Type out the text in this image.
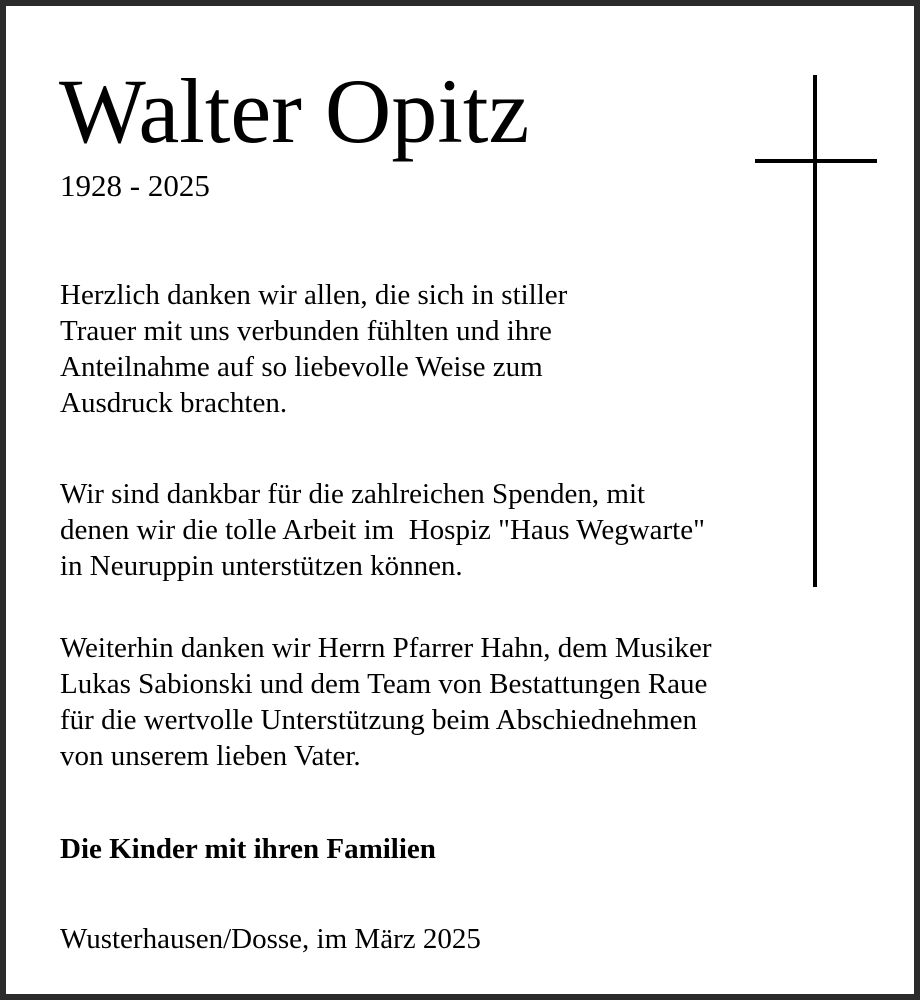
Walter Opitz
1928 - 2025
Herzlich danken wir allen, die sich in stiller
Trauer mit uns verbunden fühlten und ihre
Anteilnahme auf so liebevolle Weise zum
Ausdruck brachten.
Wir sind dankbar für die zahlreichen Spenden, mit
denen wir die tolle Arbeit im  Hospiz "Haus Wegwarte"
in Neuruppin unterstützen können.
Weiterhin danken wir Herrn Pfarrer Hahn, dem Musiker
Lukas Sabionski und dem Team von Bestattungen Raue
für die wertvolle Unterstützung beim Abschiednehmen
von unserem lieben Vater.
Die Kinder mit ihren Familien
Wusterhausen/Dosse, im März 2025
